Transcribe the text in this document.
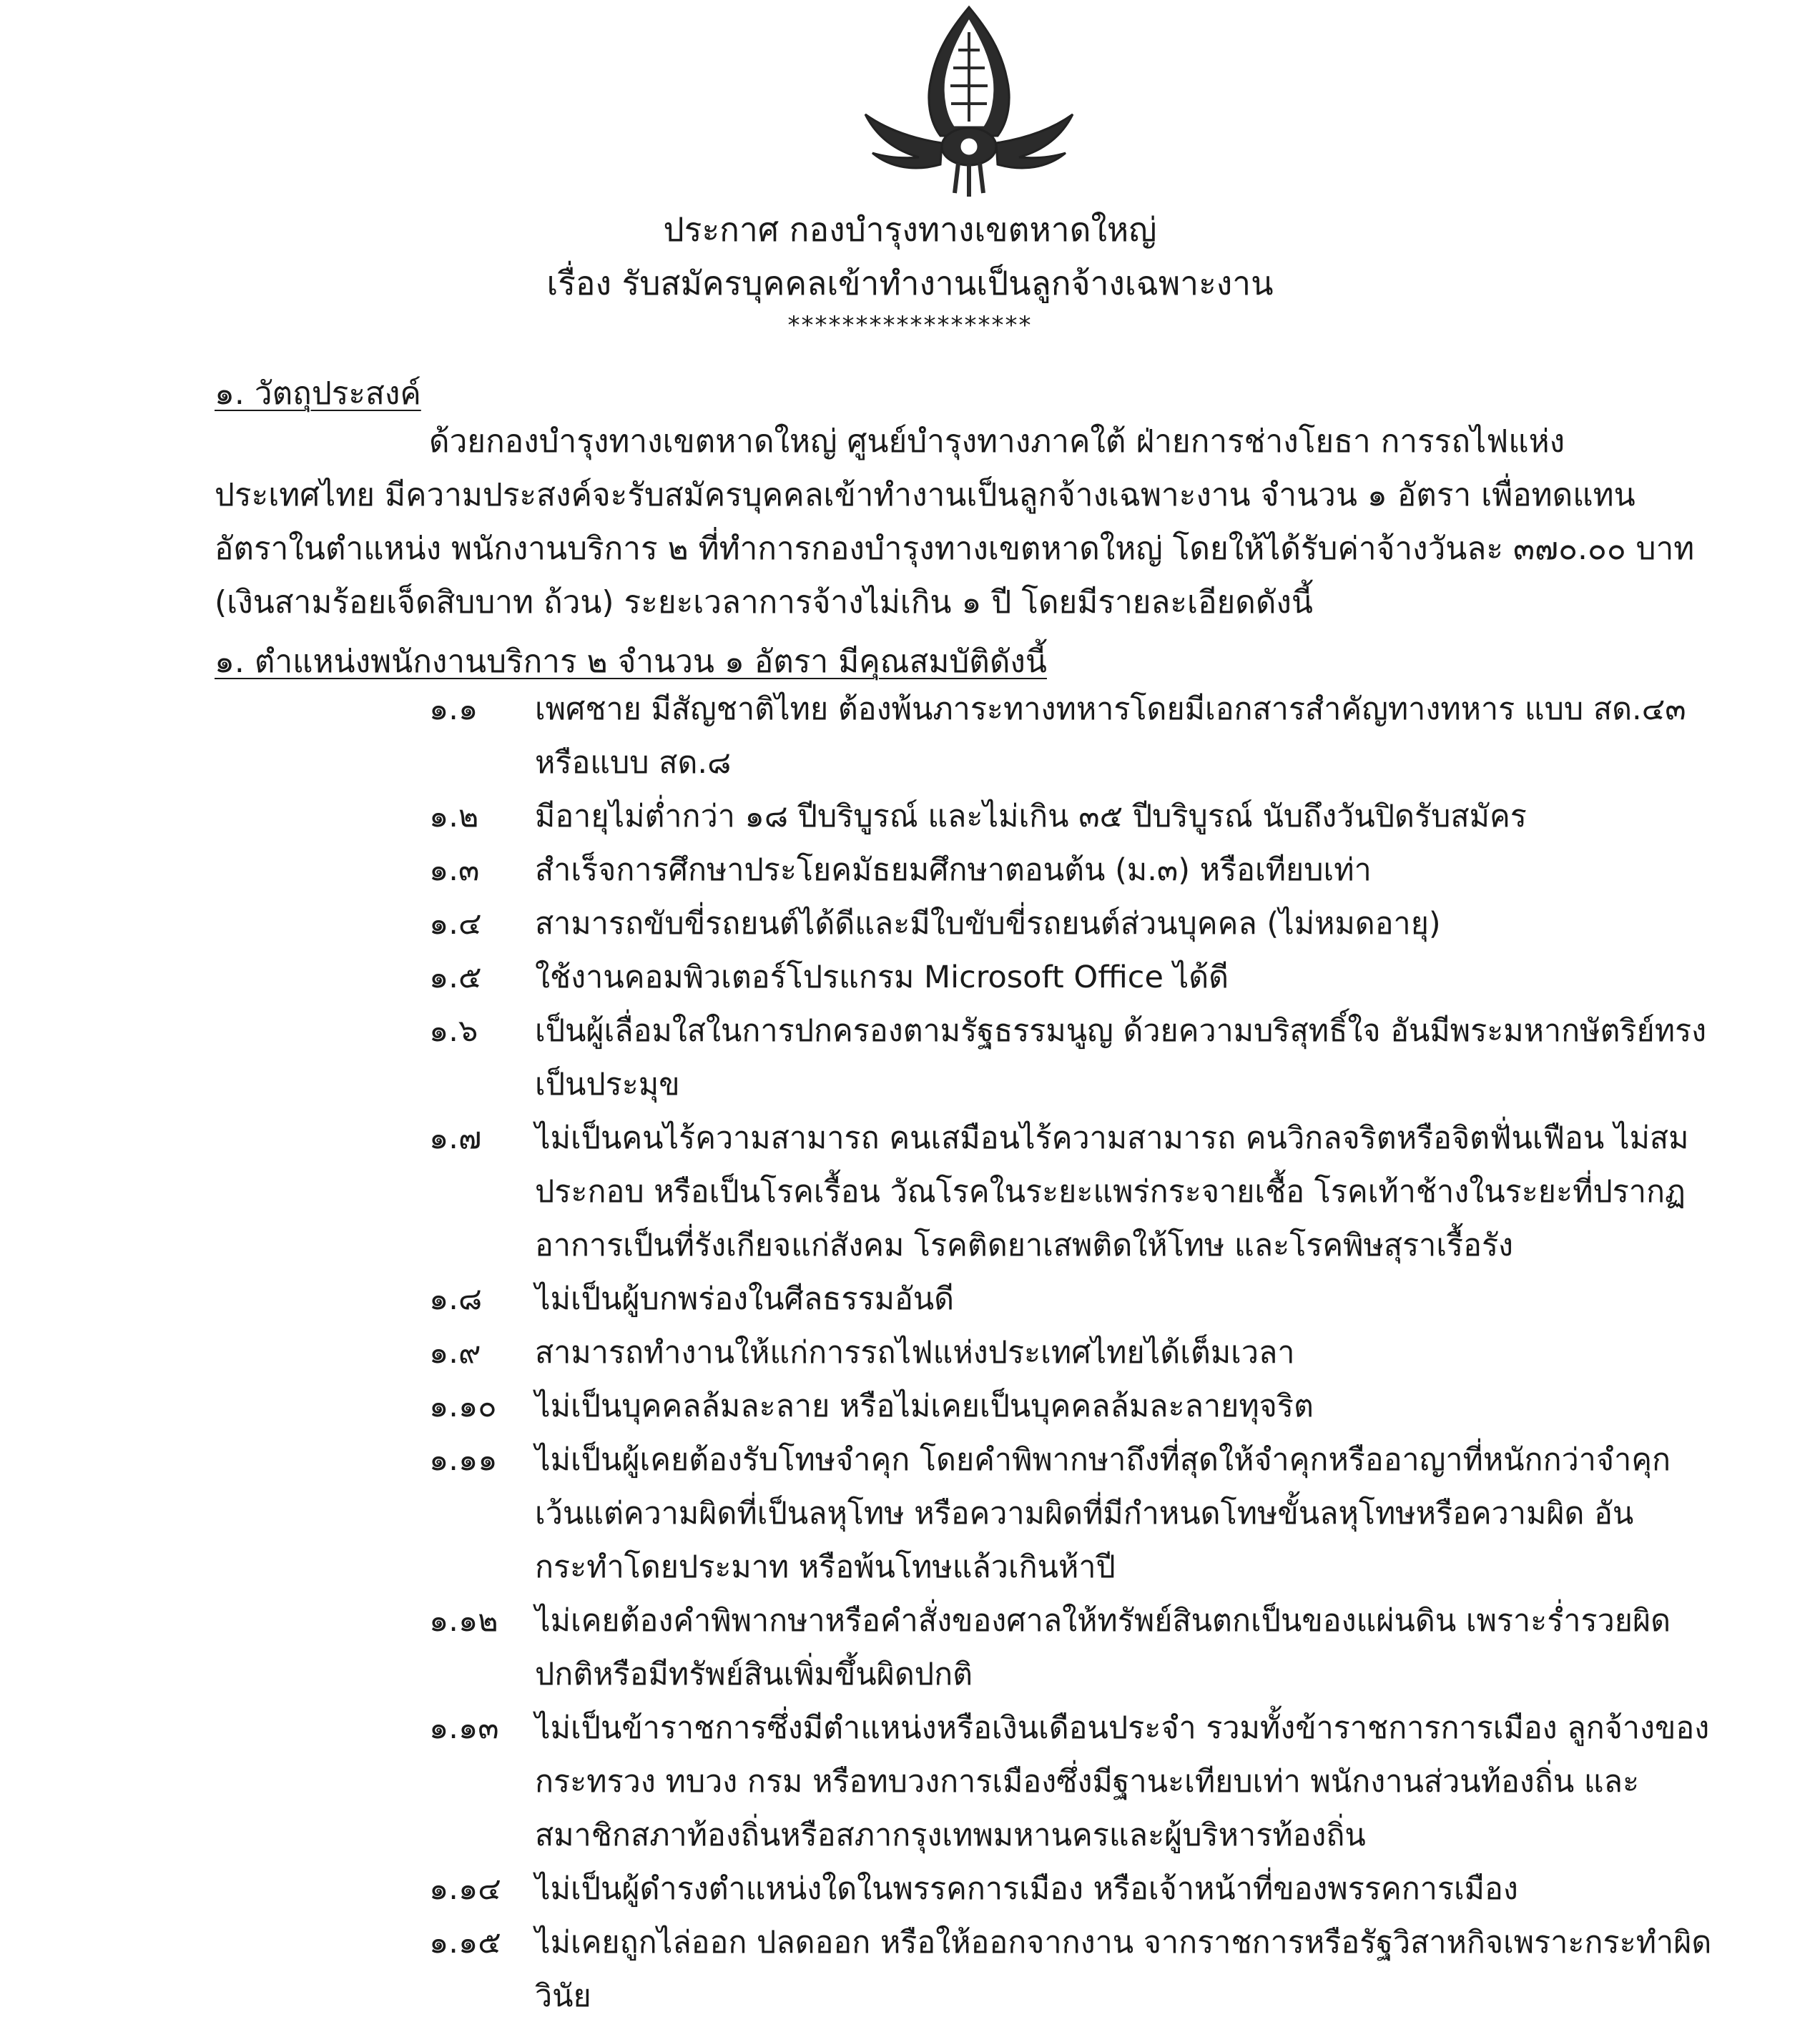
ประกาศ กองบำรุงทางเขตหาดใหญ่
เรื่อง รับสมัครบุคคลเข้าทำงานเป็นลูกจ้างเฉพาะงาน
******************
๑. วัตถุประสงค์

ด้วยกองบำรุงทางเขตหาดใหญ่ ศูนย์บำรุงทางภาคใต้ ฝ่ายการช่างโยธา การรถไฟแห่งประเทศไทย มีความประสงค์จะรับสมัครบุคคลเข้าทำงานเป็นลูกจ้างเฉพาะงาน จำนวน ๑ อัตรา เพื่อทดแทนอัตราในตำแหน่ง พนักงานบริการ ๒ ที่ทำการกองบำรุงทางเขตหาดใหญ่ โดยให้ได้รับค่าจ้างวันละ ๓๗๐.๐๐ บาท (เงินสามร้อยเจ็ดสิบบาท ถ้วน) ระยะเวลาการจ้างไม่เกิน ๑ ปี โดยมีรายละเอียดดังนี้

๑. ตำแหน่งพนักงานบริการ ๒ จำนวน ๑ อัตรา มีคุณสมบัติดังนี้
๑.๑	เพศชาย มีสัญชาติไทย ต้องพ้นภาระทางทหารโดยมีเอกสารสำคัญทางทหาร แบบ สด.๔๓ หรือแบบ สด.๘
๑.๒	มีอายุไม่ต่ำกว่า ๑๘ ปีบริบูรณ์ และไม่เกิน ๓๕ ปีบริบูรณ์ นับถึงวันปิดรับสมัคร
๑.๓	สำเร็จการศึกษาประโยคมัธยมศึกษาตอนต้น (ม.๓) หรือเทียบเท่า
๑.๔	สามารถขับขี่รถยนต์ได้ดีและมีใบขับขี่รถยนต์ส่วนบุคคล (ไม่หมดอายุ)
๑.๕	ใช้งานคอมพิวเตอร์โปรแกรม Microsoft Office ได้ดี
๑.๖	เป็นผู้เลื่อมใสในการปกครองตามรัฐธรรมนูญ ด้วยความบริสุทธิ์ใจ อันมีพระมหากษัตริย์ทรงเป็นประมุข
๑.๗	ไม่เป็นคนไร้ความสามารถ คนเสมือนไร้ความสามารถ คนวิกลจริตหรือจิตฟั่นเฟือน ไม่สมประกอบ หรือเป็นโรคเรื้อน วัณโรคในระยะแพร่กระจายเชื้อ โรคเท้าช้างในระยะที่ปรากฏอาการเป็นที่รังเกียจแก่สังคม โรคติดยาเสพติดให้โทษ และโรคพิษสุราเรื้อรัง
๑.๘	ไม่เป็นผู้บกพร่องในศีลธรรมอันดี
๑.๙	สามารถทำงานให้แก่การรถไฟแห่งประเทศไทยได้เต็มเวลา
๑.๑๐	ไม่เป็นบุคคลล้มละลาย หรือไม่เคยเป็นบุคคลล้มละลายทุจริต
๑.๑๑	ไม่เป็นผู้เคยต้องรับโทษจำคุก โดยคำพิพากษาถึงที่สุดให้จำคุกหรืออาญาที่หนักกว่าจำคุก เว้นแต่ความผิดที่เป็นลหุโทษ หรือความผิดที่มีกำหนดโทษขั้นลหุโทษหรือความผิด อันกระทำโดยประมาท หรือพ้นโทษแล้วเกินห้าปี
๑.๑๒	ไม่เคยต้องคำพิพากษาหรือคำสั่งของศาลให้ทรัพย์สินตกเป็นของแผ่นดิน เพราะร่ำรวยผิดปกติหรือมีทรัพย์สินเพิ่มขึ้นผิดปกติ
๑.๑๓	ไม่เป็นข้าราชการซึ่งมีตำแหน่งหรือเงินเดือนประจำ รวมทั้งข้าราชการการเมือง ลูกจ้างของกระทรวง ทบวง กรม หรือทบวงการเมืองซึ่งมีฐานะเทียบเท่า พนักงานส่วนท้องถิ่น และสมาชิกสภาท้องถิ่นหรือสภากรุงเทพมหานครและผู้บริหารท้องถิ่น
๑.๑๔	ไม่เป็นผู้ดำรงตำแหน่งใดในพรรคการเมือง หรือเจ้าหน้าที่ของพรรคการเมือง
๑.๑๕	ไม่เคยถูกไล่ออก ปลดออก หรือให้ออกจากงาน จากราชการหรือรัฐวิสาหกิจเพราะกระทำผิดวินัย
